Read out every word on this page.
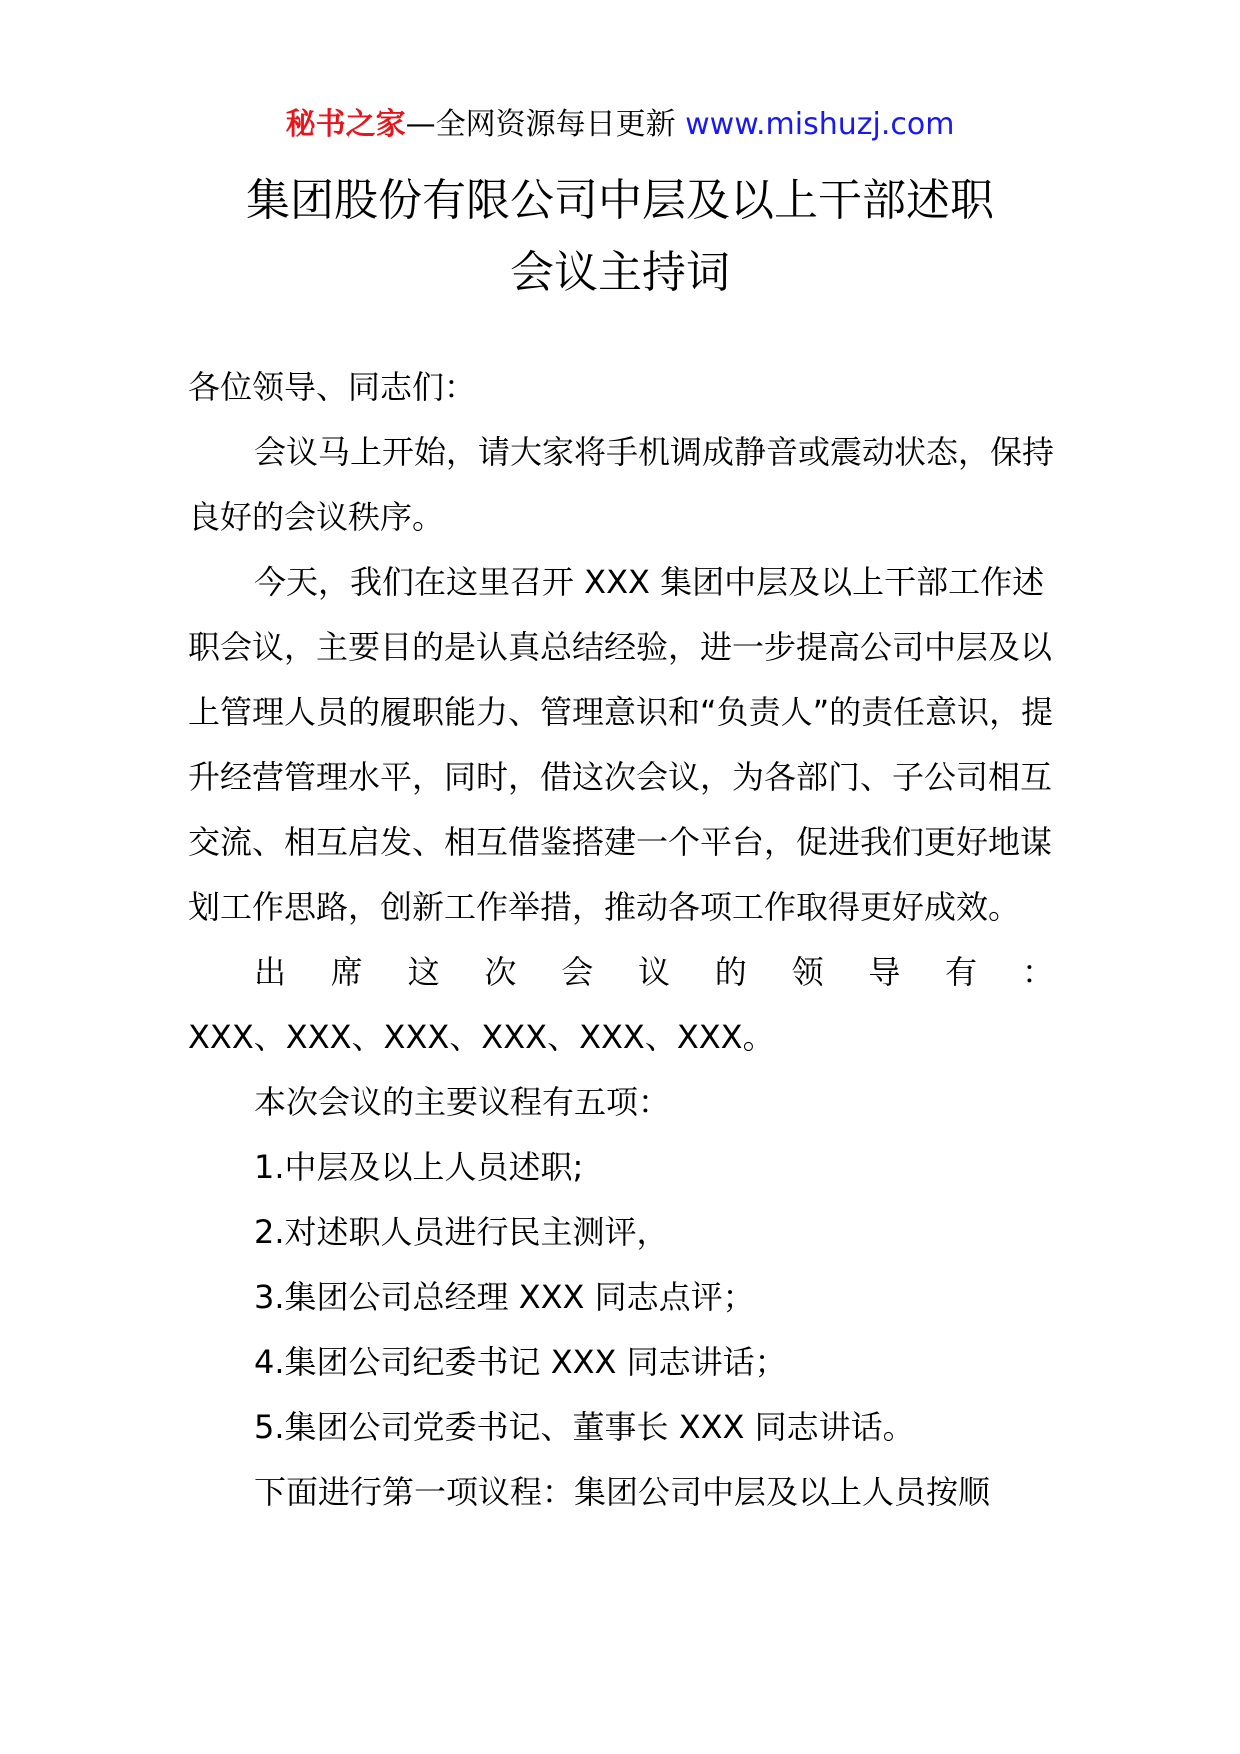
秘书之家—全网资源每日更新 www.mishuzj.com
集团股份有限公司中层及以上干部述职
会议主持词

各位领导、同志们：

会议马上开始，请大家将手机调成静音或震动状态，保持良好的会议秩序。

今天，我们在这里召开 XXX 集团中层及以上干部工作述职会议，主要目的是认真总结经验，进一步提高公司中层及以上管理人员的履职能力、管理意识和“负责人”的责任意识，提升经营管理水平，同时，借这次会议，为各部门、子公司相互交流、相互启发、相互借鉴搭建一个平台，促进我们更好地谋划工作思路，创新工作举措，推动各项工作取得更好成效。

出席这次会议的领导有：

XXX、XXX、XXX、XXX、XXX、XXX。

本次会议的主要议程有五项：

1.中层及以上人员述职;

2.对述职人员进行民主测评，

3.集团公司总经理 XXX 同志点评；

4.集团公司纪委书记 XXX 同志讲话；

5.集团公司党委书记、董事长 XXX 同志讲话。

下面进行第一项议程：集团公司中层及以上人员按顺
